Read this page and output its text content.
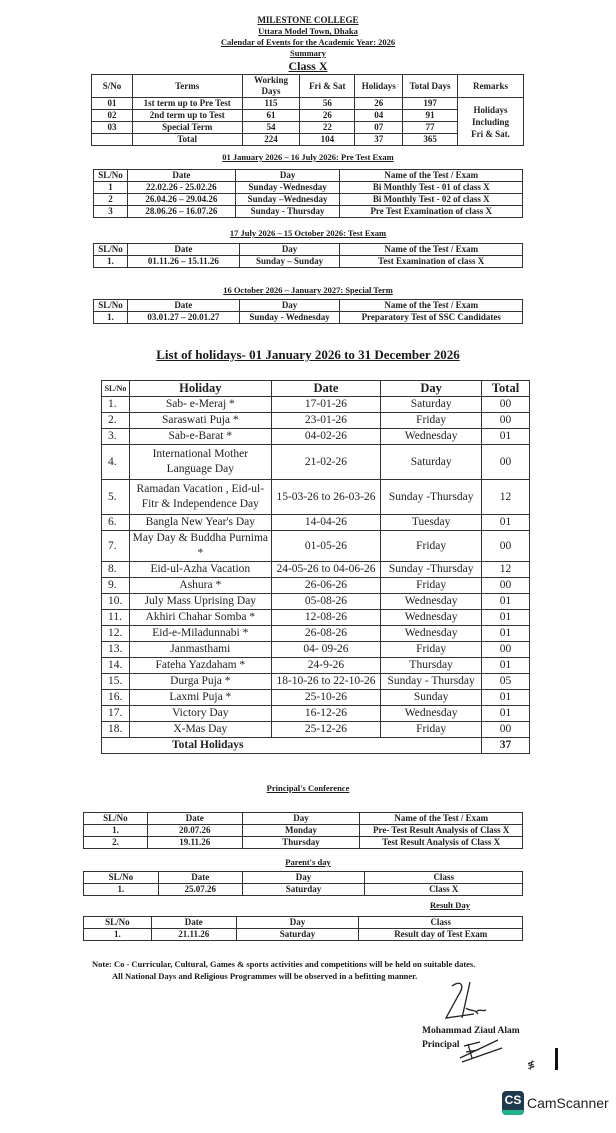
MILESTONE COLLEGE
Uttara Model Town, Dhaka
Calendar of Events for the Academic Year: 2026
Summary
Class X
S/No	Terms	Working Days	Fri & Sat	Holidays	Total Days	Remarks
01	1st term up to Pre Test	115	56	26	197	Holidays Including Fri & Sat.
02	2nd term up to Test	61	26	04	91	
03	Special Term	54	22	07	77	
	Total	224	104	37	365	
01 January 2026 – 16 July 2026: Pre Test Exam
SL/No	Date	Day	Name of the Test / Exam
1	22.02.26 - 25.02.26	Sunday -Wednesday	Bi Monthly Test - 01 of class X
2	26.04.26 – 29.04.26	Sunday –Wednesday	Bi Monthly Test - 02 of class X
3	28.06.26 – 16.07.26	Sunday - Thursday	Pre Test Examination of class X
17 July 2026 – 15 October 2026: Test Exam
SL/No	Date	Day	Name of the Test / Exam
1.	01.11.26 – 15.11.26	Sunday – Sunday	Test Examination of class X
16 October 2026 – January 2027: Special Term
SL/No	Date	Day	Name of the Test / Exam
1.	03.01.27 – 20.01.27	Sunday - Wednesday	Preparatory Test of SSC Candidates
List of holidays- 01 January 2026 to 31 December 2026
SL/No	Holiday	Date	Day	Total
1.	Sab- e-Meraj *	17-01-26	Saturday	00
2.	Saraswati Puja *	23-01-26	Friday	00
3.	Sab-e-Barat *	04-02-26	Wednesday	01
4.	International Mother Language Day	21-02-26	Saturday	00
5.	Ramadan Vacation , Eid-ul-Fitr & Independence Day	15-03-26 to 26-03-26	Sunday -Thursday	12
6.	Bangla New Year's Day	14-04-26	Tuesday	01
7.	May Day & Buddha Purnima *	01-05-26	Friday	00
8.	Eid-ul-Azha Vacation	24-05-26 to 04-06-26	Sunday -Thursday	12
9.	Ashura *	26-06-26	Friday	00
10.	July Mass Uprising Day	05-08-26	Wednesday	01
11.	Akhiri Chahar Somba *	12-08-26	Wednesday	01
12.	Eid-e-Miladunnabi *	26-08-26	Wednesday	01
13.	Janmasthami	04- 09-26	Friday	00
14.	Fateha Yazdaham *	24-9-26	Thursday	01
15.	Durga Puja *	18-10-26 to 22-10-26	Sunday - Thursday	05
16.	Laxmi Puja *	25-10-26	Sunday	01
17.	Victory Day	16-12-26	Wednesday	01
18.	X-Mas Day	25-12-26	Friday	00
Total Holidays				37
Principal's Conference
SL/No	Date	Day	Name of the Test / Exam
1.	20.07.26	Monday	Pre- Test Result Analysis of Class X
2.	19.11.26	Thursday	Test Result Analysis of Class X
Parent's day
SL/No	Date	Day	Class
1.	25.07.26	Saturday	Class X
Result Day
SL/No	Date	Day	Class
1.	21.11.26	Saturday	Result day of Test Exam
Note: Co - Curricular, Cultural, Games & sports activities and competitions will be held on suitable dates.
All National Days and Religious Programmes will be observed in a befitting manner.
Mohammad Ziaul Alam
Principal
≸
CS CamScanner
